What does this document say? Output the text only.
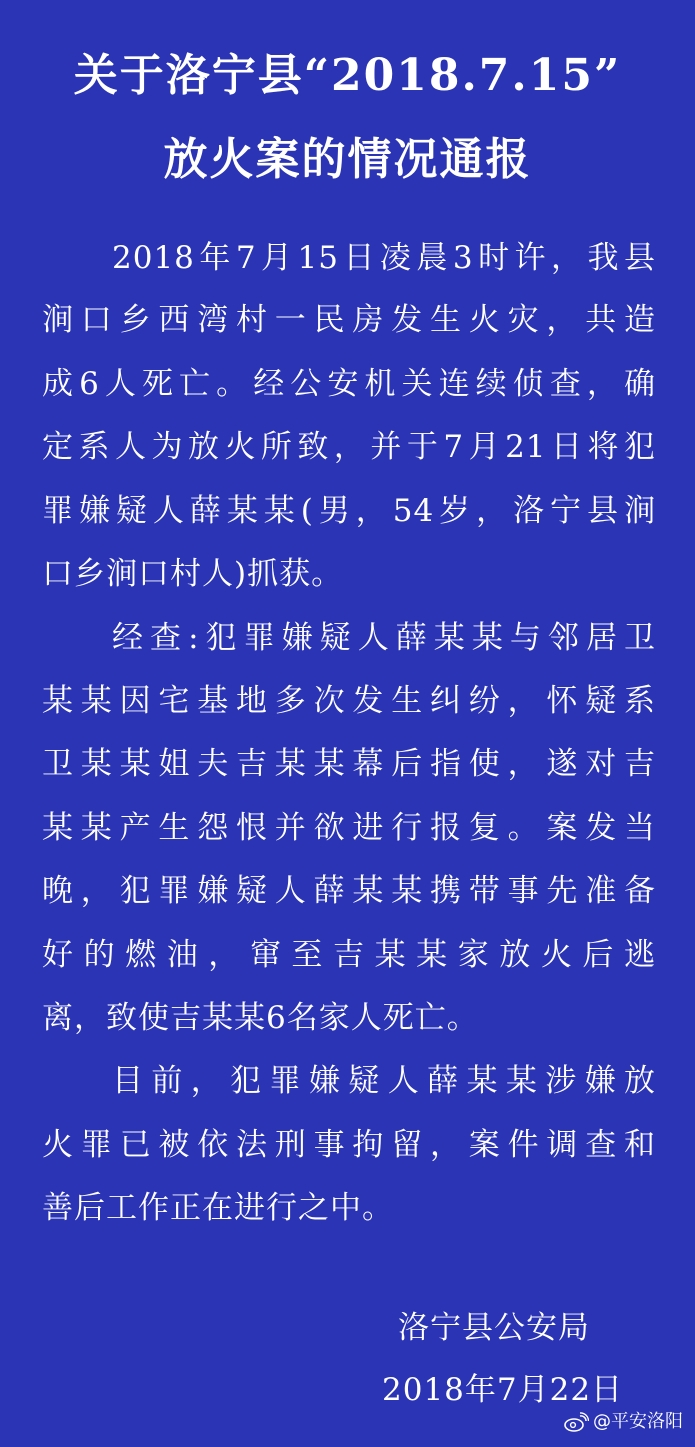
关于洛宁县“2018.7.15”
放火案的情况通报
2018年7月15日凌晨3时许，我县
涧口乡西湾村一民房发生火灾，共造
成6人死亡。经公安机关连续侦查，确
定系人为放火所致，并于7月21日将犯
罪嫌疑人薛某某(男，54岁，洛宁县涧
口乡涧口村人)抓获。
经查:犯罪嫌疑人薛某某与邻居卫
某某因宅基地多次发生纠纷，怀疑系
卫某某姐夫吉某某幕后指使，遂对吉
某某产生怨恨并欲进行报复。案发当
晚，犯罪嫌疑人薛某某携带事先准备
好的燃油，窜至吉某某家放火后逃
离，致使吉某某6名家人死亡。
目前，犯罪嫌疑人薛某某涉嫌放
火罪已被依法刑事拘留，案件调查和
善后工作正在进行之中。
洛宁县公安局
2018年7月22日
@平安洛阳
